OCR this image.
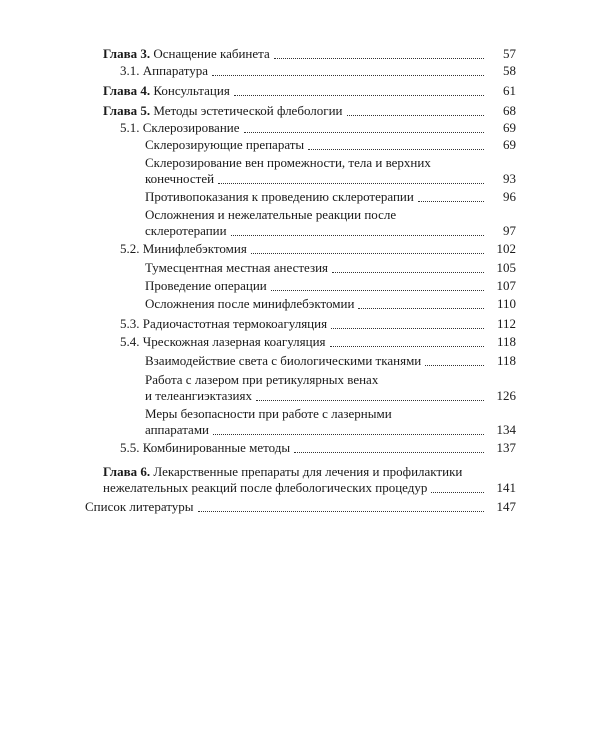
Глава 3. Оснащение кабинета	57
3.1. Аппаратура	58
Глава 4. Консультация	61
Глава 5. Методы эстетической флебологии	68
5.1. Склерозирование	69
Склерозирующие препараты	69
Склерозирование вен промежности, тела и верхних
конечностей	93
Противопоказания к проведению склеротерапии	96
Осложнения и нежелательные реакции после
склеротерапии	97
5.2. Минифлебэктомия	102
Тумесцентная местная анестезия	105
Проведение операции	107
Осложнения после минифлебэктомии	110
5.3. Радиочастотная термокоагуляция	112
5.4. Чрескожная лазерная коагуляция	118
Взаимодействие света с биологическими тканями	118
Работа с лазером при ретикулярных венах
и телеангиэктазиях	126
Меры безопасности при работе с лазерными
аппаратами	134
5.5. Комбинированные методы	137
Глава 6. Лекарственные препараты для лечения и профилактики
нежелательных реакций после флебологических процедур	141
Список литературы	147
